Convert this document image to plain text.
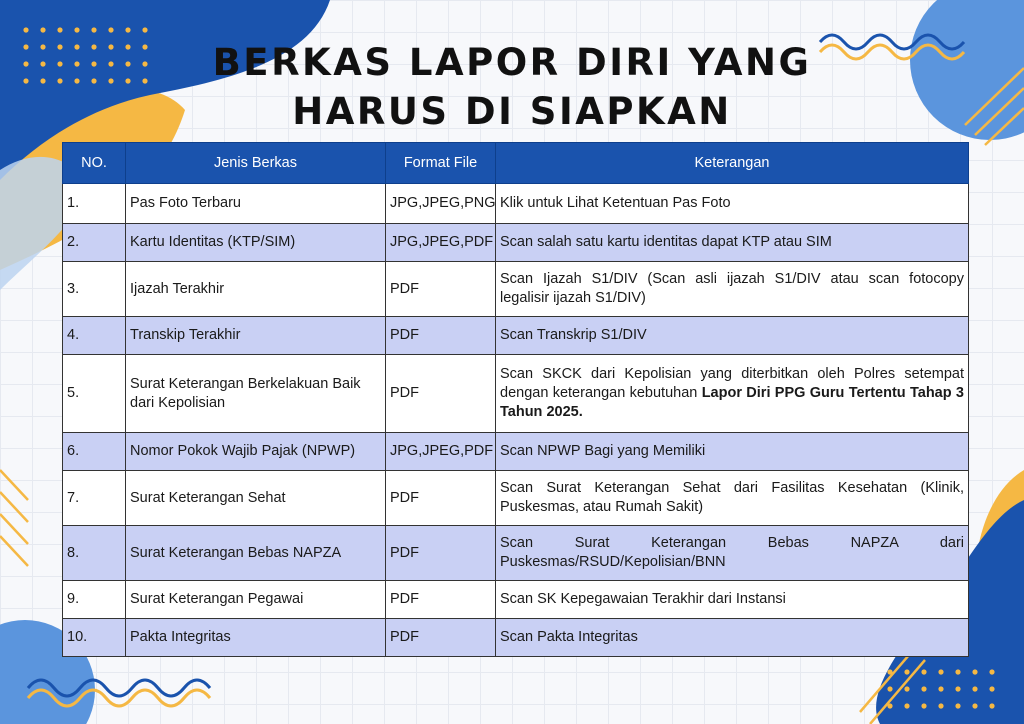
BERKAS LAPOR DIRI YANG
HARUS DI SIAPKAN
NO.	Jenis Berkas	Format File	Keterangan
1.	Pas Foto Terbaru	JPG,JPEG,PNG	Klik untuk Lihat Ketentuan Pas Foto
2.	Kartu Identitas (KTP/SIM)	JPG,JPEG,PDF	Scan salah satu kartu identitas dapat KTP atau SIM
3.	Ijazah Terakhir	PDF	Scan Ijazah S1/DIV (Scan asli ijazah S1/DIV atau scan fotocopy legalisir ijazah S1/DIV)
4.	Transkip Terakhir	PDF	Scan Transkrip S1/DIV
5.	Surat Keterangan Berkelakuan Baik dari Kepolisian	PDF	Scan SKCK dari Kepolisian yang diterbitkan oleh Polres setempat dengan keterangan kebutuhan Lapor Diri PPG Guru Tertentu Tahap 3 Tahun 2025.
6.	Nomor Pokok Wajib Pajak (NPWP)	JPG,JPEG,PDF	Scan NPWP Bagi yang Memiliki
7.	Surat Keterangan Sehat	PDF	Scan Surat Keterangan Sehat dari Fasilitas Kesehatan (Klinik, Puskesmas, atau Rumah Sakit)
8.	Surat Keterangan Bebas NAPZA	PDF	Scan Surat Keterangan Bebas NAPZA dari Puskesmas/RSUD/Kepolisian/BNN
9.	Surat Keterangan Pegawai	PDF	Scan SK Kepegawaian Terakhir dari Instansi
10.	Pakta Integritas	PDF	Scan Pakta Integritas
